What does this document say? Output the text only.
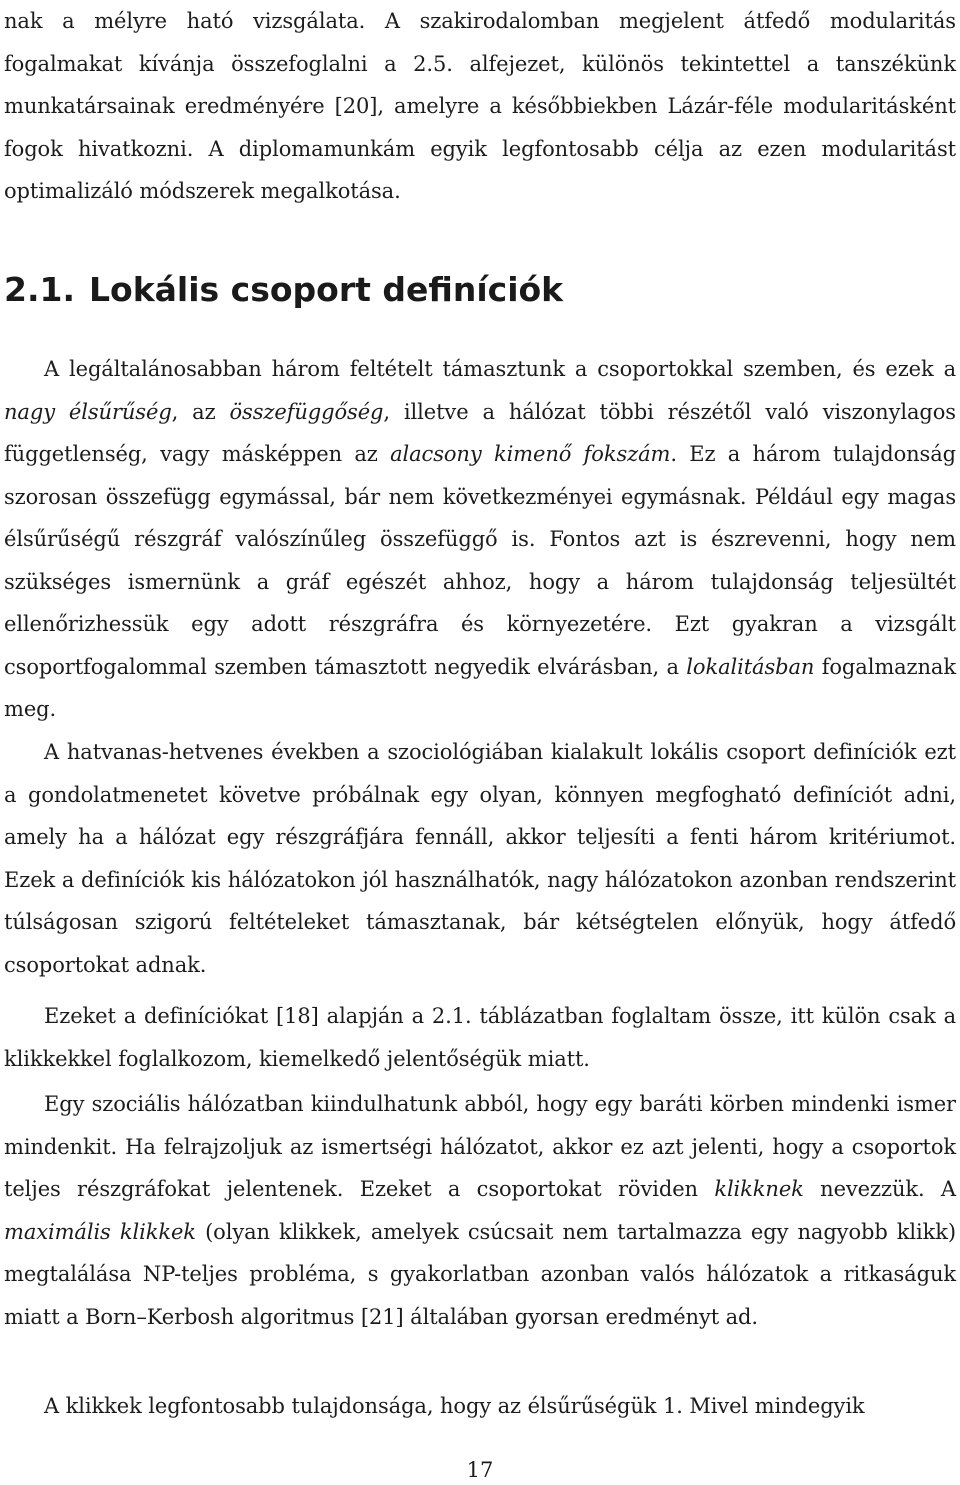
nak a mélyre ható vizsgálata. A szakirodalomban megjelent átfedő modularitás fogalmakat kívánja összefoglalni a 2.5. alfejezet, különös tekintettel a tanszékünk munkatársainak eredményére [20], amelyre a későbbiekben Lázár-féle modularitásként fogok hivatkozni. A diplomamunkám egyik legfontosabb célja az ezen modularitást optimalizáló módszerek megalkotása.

2.1. Lokális csoport definíciók

A legáltalánosabban három feltételt támasztunk a csoportokkal szemben, és ezek a nagy élsűrűség, az összefüggőség, illetve a hálózat többi részétől való viszonylagos függetlenség, vagy másképpen az alacsony kimenő fokszám. Ez a három tulajdonság szorosan összefügg egymással, bár nem következményei egymásnak. Például egy magas élsűrűségű részgráf valószínűleg összefüggő is. Fontos azt is észrevenni, hogy nem szükséges ismernünk a gráf egészét ahhoz, hogy a három tulajdonság teljesültét ellenőrizhessük egy adott részgráfra és környezetére. Ezt gyakran a vizsgált csoportfogalommal szemben támasztott negyedik elvárásban, a lokalitásban fogalmaznak meg.

A hatvanas-hetvenes években a szociológiában kialakult lokális csoport definíciók ezt a gondolatmenetet követve próbálnak egy olyan, könnyen megfogható definíciót adni, amely ha a hálózat egy részgráfjára fennáll, akkor teljesíti a fenti három kritériumot. Ezek a definíciók kis hálózatokon jól használhatók, nagy hálózatokon azonban rendszerint túlságosan szigorú feltételeket támasztanak, bár kétségtelen előnyük, hogy átfedő csoportokat adnak.

Ezeket a definíciókat [18] alapján a 2.1. táblázatban foglaltam össze, itt külön csak a klikkekkel foglalkozom, kiemelkedő jelentőségük miatt.

Egy szociális hálózatban kiindulhatunk abból, hogy egy baráti körben mindenki ismer mindenkit. Ha felrajzoljuk az ismertségi hálózatot, akkor ez azt jelenti, hogy a csoportok teljes részgráfokat jelentenek. Ezeket a csoportokat röviden klikknek nevezzük. A maximális klikkek (olyan klikkek, amelyek csúcsait nem tartalmazza egy nagyobb klikk) megtalálása NP-teljes probléma, s gyakorlatban azonban valós hálózatok a ritkaságuk miatt a Born–Kerbosh algoritmus [21] általában gyorsan eredményt ad.

A klikkek legfontosabb tulajdonsága, hogy az élsűrűségük 1. Mivel mindegyik

17
